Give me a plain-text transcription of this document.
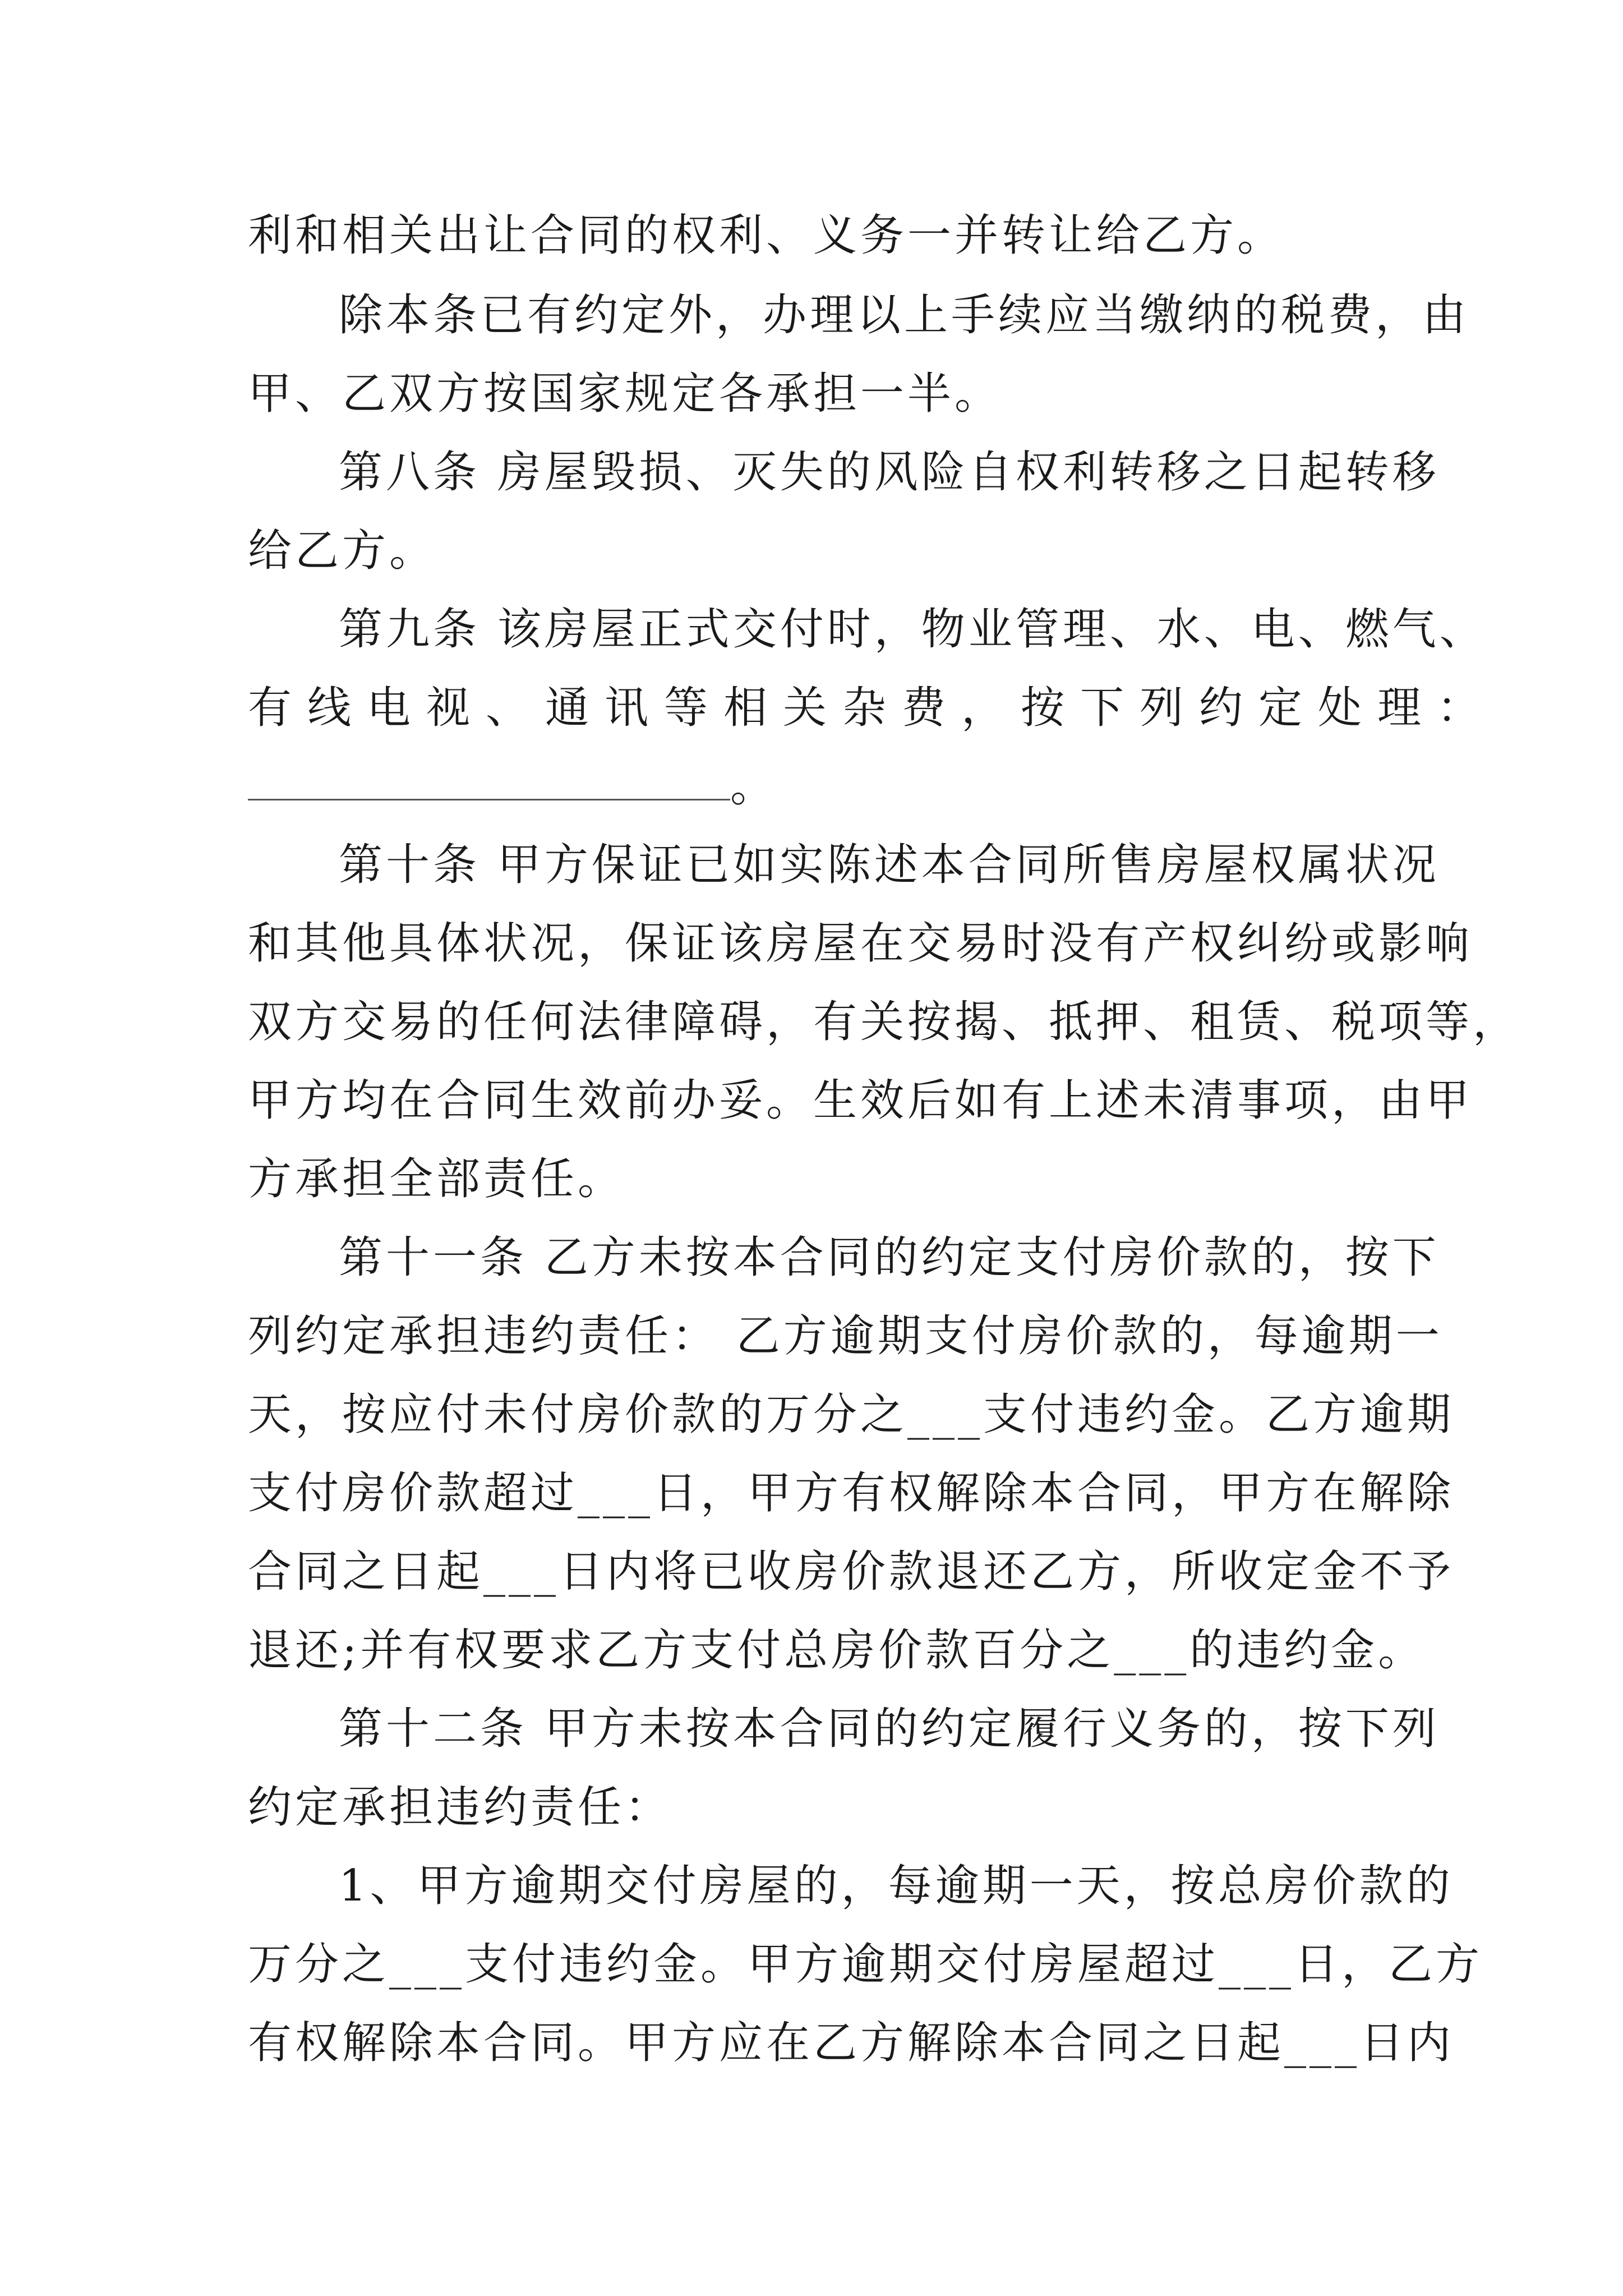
利和相关出让合同的权利、义务一并转让给乙方。
除本条已有约定外，办理以上手续应当缴纳的税费，由
甲、乙双方按国家规定各承担一半。
第八条 房屋毁损、灭失的风险自权利转移之日起转移
给乙方。
第九条 该房屋正式交付时，物业管理、水、电、燃气、
有线电视、通讯等相关杂费，按下列约定处理：
。
第十条 甲方保证已如实陈述本合同所售房屋权属状况
和其他具体状况，保证该房屋在交易时没有产权纠纷或影响
双方交易的任何法律障碍，有关按揭、抵押、租赁、税项等，
甲方均在合同生效前办妥。生效后如有上述未清事项，由甲
方承担全部责任。
第十一条 乙方未按本合同的约定支付房价款的，按下
列约定承担违约责任： 乙方逾期支付房价款的，每逾期一
天，按应付未付房价款的万分之___支付违约金。乙方逾期
支付房价款超过___日，甲方有权解除本合同，甲方在解除
合同之日起___日内将已收房价款退还乙方，所收定金不予
退还;并有权要求乙方支付总房价款百分之___的违约金。
第十二条 甲方未按本合同的约定履行义务的，按下列
约定承担违约责任：
1、甲方逾期交付房屋的，每逾期一天，按总房价款的
万分之___支付违约金。甲方逾期交付房屋超过___日，乙方
有权解除本合同。甲方应在乙方解除本合同之日起___日内
